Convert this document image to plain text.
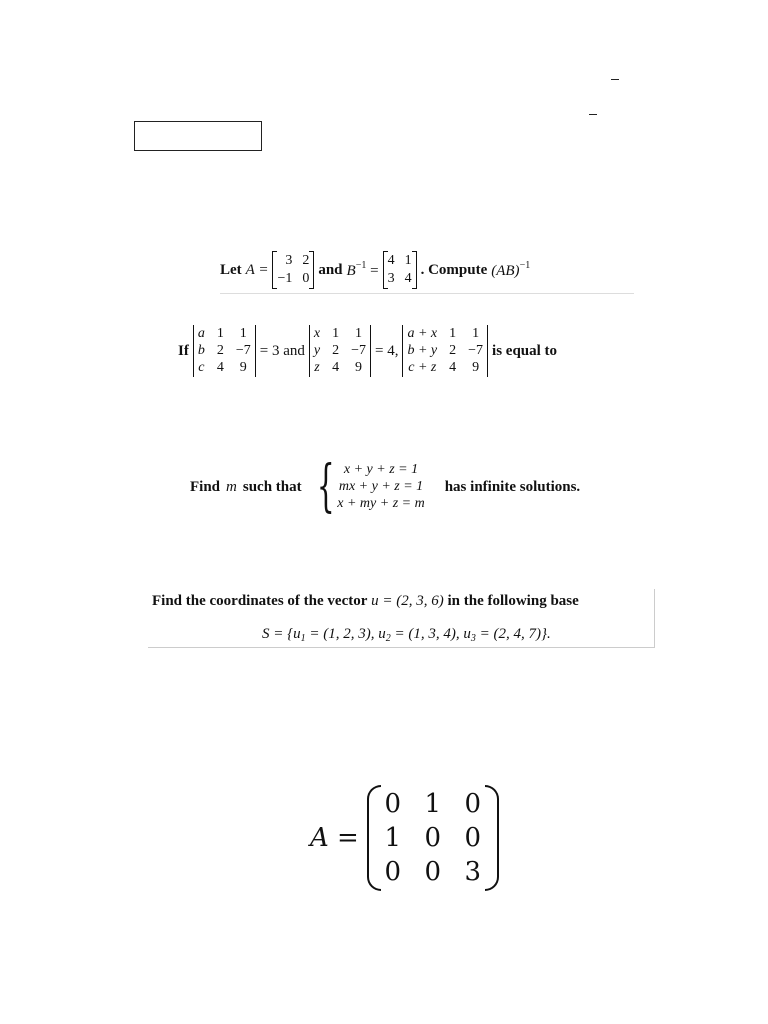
Let A =
3 2
−1 0
and $B^{-1}$ =
4 1
3 4
. Compute (AB)$^{-1}$
If
a 1 1
b 2 −7
c 4 9
= 3 and
x 1 1
y 2 −7
z 4 9
= 4,
a + x 1 1
b + y 2 −7
c + z 4 9
is equal to
Find m such that { x + y + z = 1
mx + y + z = 1
x + my + z = m
has infinite solutions.
Find the coordinates of the vector u = (2, 3, 6) in the following base
$S = \{u_1 = (1$, 2, 3), $u_2 = (1$, 3, 4), $u_3 = (2$, 4, 7)}.
A =
0 1 0
1 0 0
0 0 3
